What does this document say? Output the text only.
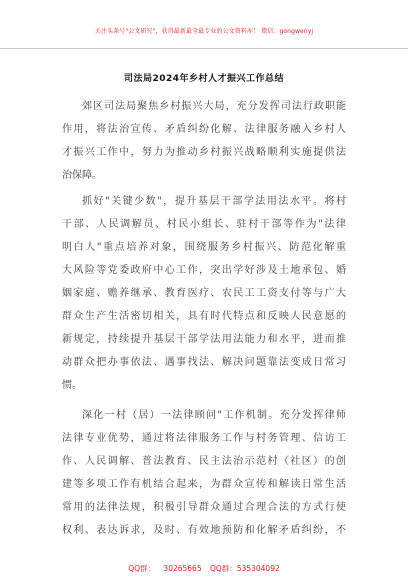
关注头条号"公文研究"，获得最新最全最专业的公文资料库！ 微信：gongwenyj
司法局2024年乡村人才振兴工作总结
郊区司法局聚焦乡村振兴大局，充分发挥司法行政职能
作用，将法治宣传、矛盾纠纷化解、法律服务融入乡村人
才振兴工作中，努力为推动乡村振兴战略顺利实施提供法
治保障。
抓好"关键少数"，提升基层干部学法用法水平。将村
干部、人民调解员、村民小组长、驻村干部等作为"法律
明白人"重点培养对象，围绕服务乡村振兴、防范化解重
大风险等党委政府中心工作，突出学好涉及土地承包、婚
姻家庭、赡养继承、教育医疗、农民工工资支付等与广大
群众生产生活密切相关，具有时代特点和反映人民意愿的
新规定，持续提升基层干部学法用法能力和水平，进而推
动群众把办事依法、遇事找法、解决问题靠法变成日常习
惯。
深化一村（居）一法律顾问"工作机制。充分发挥律师
法律专业优势，通过将法律服务工作与村务管理、信访工
作、人民调解、普法教育、民主法治示范村（社区）的创
建等多项工作有机结合起来，为群众宣传和解读日常生活
常用的法律法规，积极引导群众通过合理合法的方式行使
权利、表达诉求，及时、有效地预防和化解矛盾纠纷，不
QQ群： 30265665 QQ群：535304092
